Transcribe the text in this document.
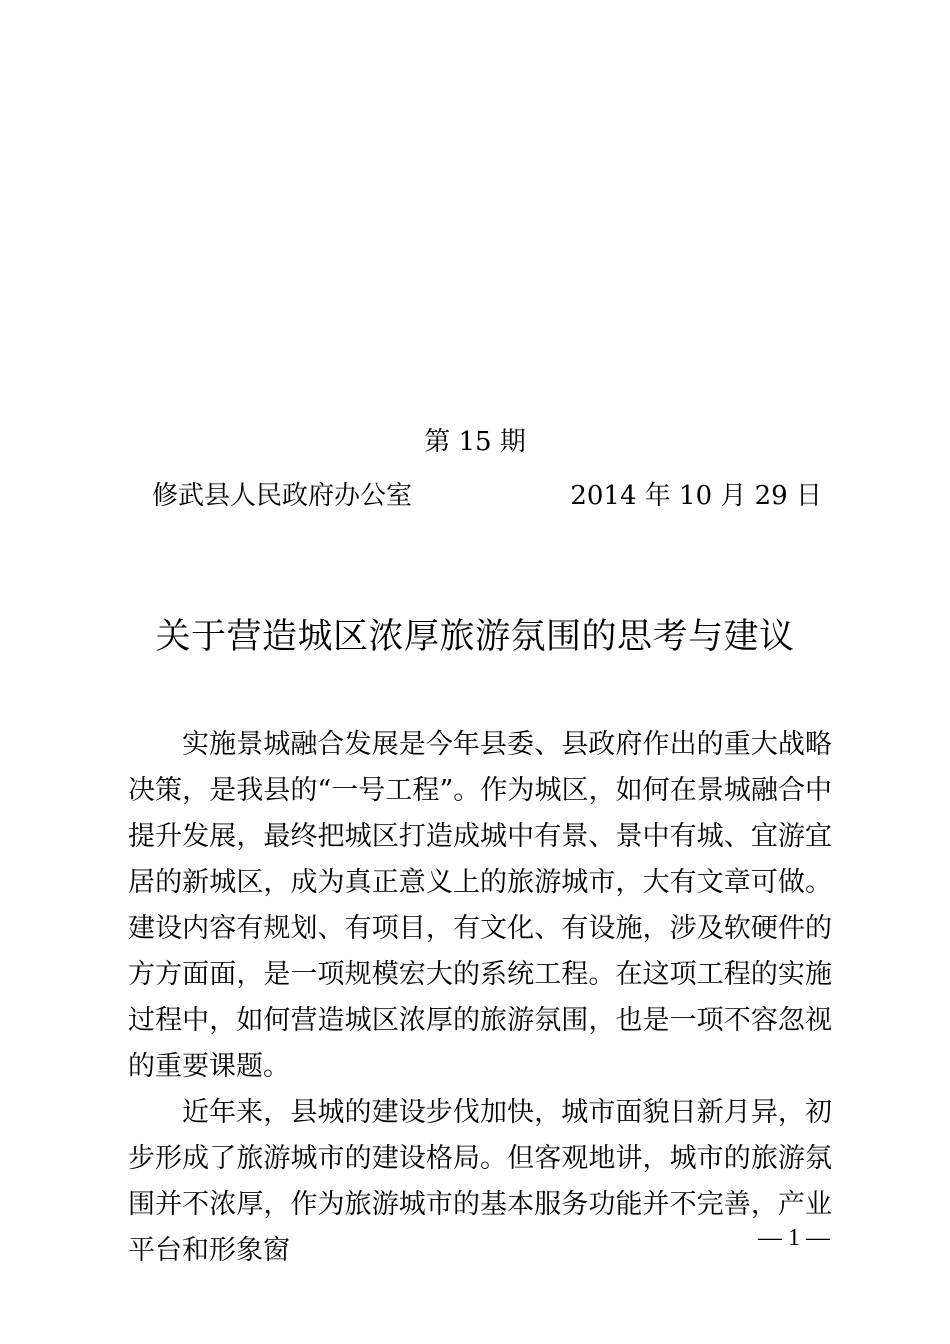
第 15 期
修武县人民政府办公室	2014 年 10 月 29 日
关于营造城区浓厚旅游氛围的思考与建议

实施景城融合发展是今年县委、县政府作出的重大战略决策，是我县的“一号工程”。作为城区，如何在景城融合中提升发展，最终把城区打造成城中有景、景中有城、宜游宜居的新城区，成为真正意义上的旅游城市，大有文章可做。建设内容有规划、有项目，有文化、有设施，涉及软硬件的方方面面，是一项规模宏大的系统工程。在这项工程的实施过程中，如何营造城区浓厚的旅游氛围，也是一项不容忽视的重要课题。

近年来，县城的建设步伐加快，城市面貌日新月异，初步形成了旅游城市的建设格局。但客观地讲，城市的旅游氛围并不浓厚，作为旅游城市的基本服务功能并不完善，产业平台和形象窗	— 1 —
